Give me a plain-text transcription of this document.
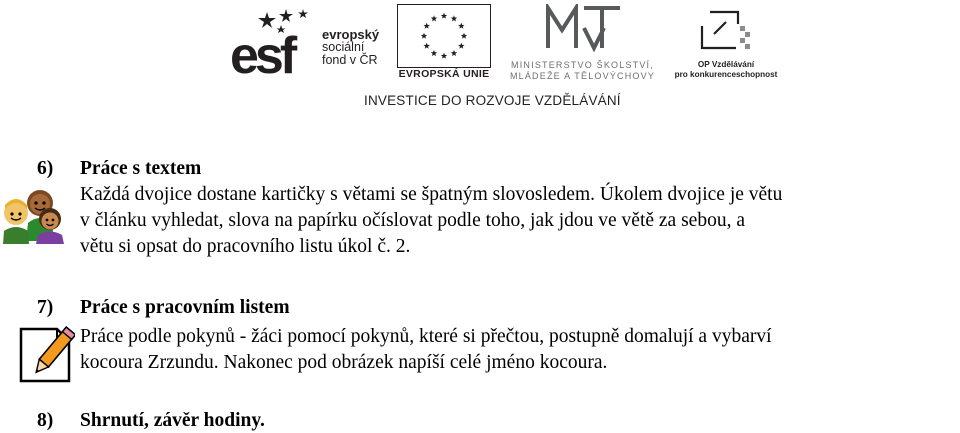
esf evropský
sociální
fond v ČR
EVROPSKÁ UNIE
MINISTERSTVO ŠKOLSTVÍ,
MLÁDEŽE A TĚLOVÝCHOVY
OP Vzdělávání
pro konkurenceschopnost
INVESTICE DO ROZVOJE VZDĚLÁVÁNÍ
6) Práce s textem
Každá dvojice dostane kartičky s větami se špatným slovosledem. Úkolem dvojice je větu
v článku vyhledat, slova na papírku očíslovat podle toho, jak jdou ve větě za sebou, a
větu si opsat do pracovního listu úkol č. 2.
7) Práce s pracovním listem
Práce podle pokynů - žáci pomocí pokynů, které si přečtou, postupně domalují a vybarví
kocoura Zrzundu. Nakonec pod obrázek napíší celé jméno kocoura.
8) Shrnutí, závěr hodiny.
